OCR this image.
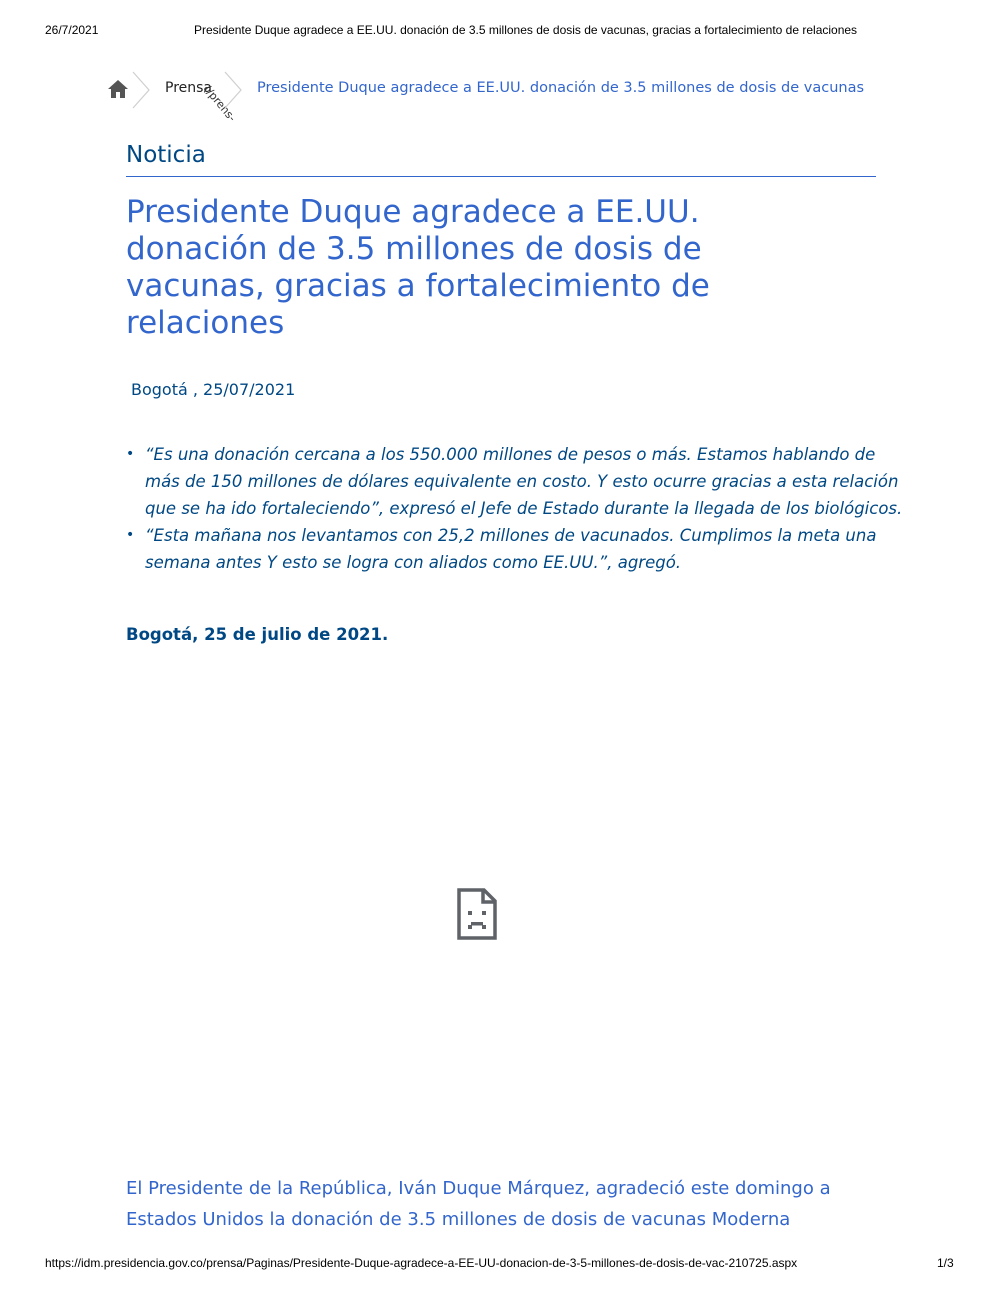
26/7/2021	Presidente Duque agradece a EE.UU. donación de 3.5 millones de dosis de vacunas, gracias a fortalecimiento de relaciones
Prensa
(/prens- Presidente Duque agradece a EE.UU. donación de 3.5 millones de dosis de vacunas
Noticia
Presidente Duque agradece a EE.UU.
donación de 3.5 millones de dosis de
vacunas, gracias a fortalecimiento de
relaciones
Bogotá , 25/07/2021
• “Es una donación cercana a los 550.000 millones de pesos o más. Estamos hablando de más de 150 millones de dólares equivalente en costo. Y esto ocurre gracias a esta relación que se ha ido fortaleciendo”, expresó el Jefe de Estado durante la llegada de los biológicos.
• “Esta mañana nos levantamos con 25,2 millones de vacunados. Cumplimos la meta una semana antes Y esto se logra con aliados como EE.UU.”, agregó.
Bogotá, 25 de julio de 2021.

El Presidente de la República, Iván Duque Márquez, agradeció este domingo a
Estados Unidos la donación de 3.5 millones de dosis de vacunas Moderna

https://idm.presidencia.gov.co/prensa/Paginas/Presidente-Duque-agradece-a-EE-UU-donacion-de-3-5-millones-de-dosis-de-vac-210725.aspx	1/3
